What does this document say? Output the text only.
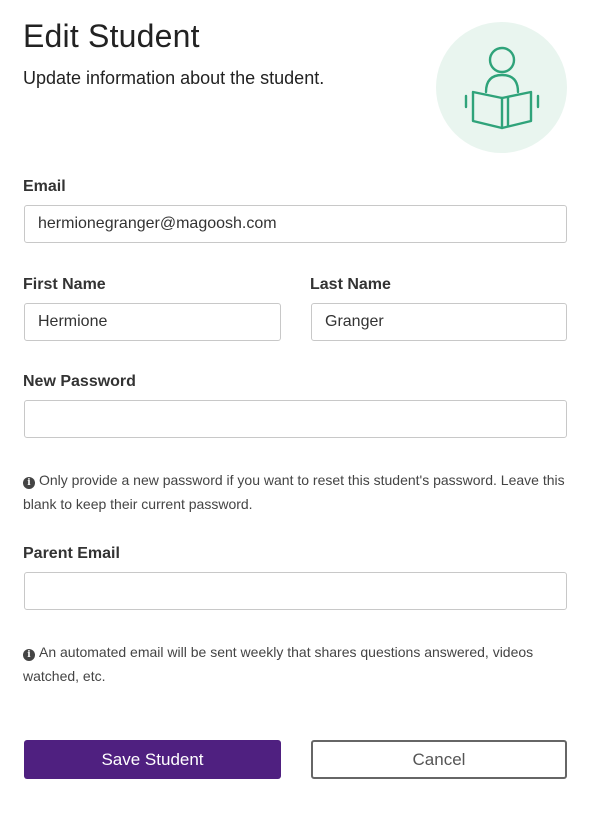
Edit Student
Update information about the student.
Email
hermionegranger@magoosh.com
First Name
Hermione	Last Name
Granger
New Password
i Only provide a new password if you want to reset this student's password. Leave this blank to keep their current password.
Parent Email
i An automated email will be sent weekly that shares questions answered, videos watched, etc.
Save Student	Cancel
